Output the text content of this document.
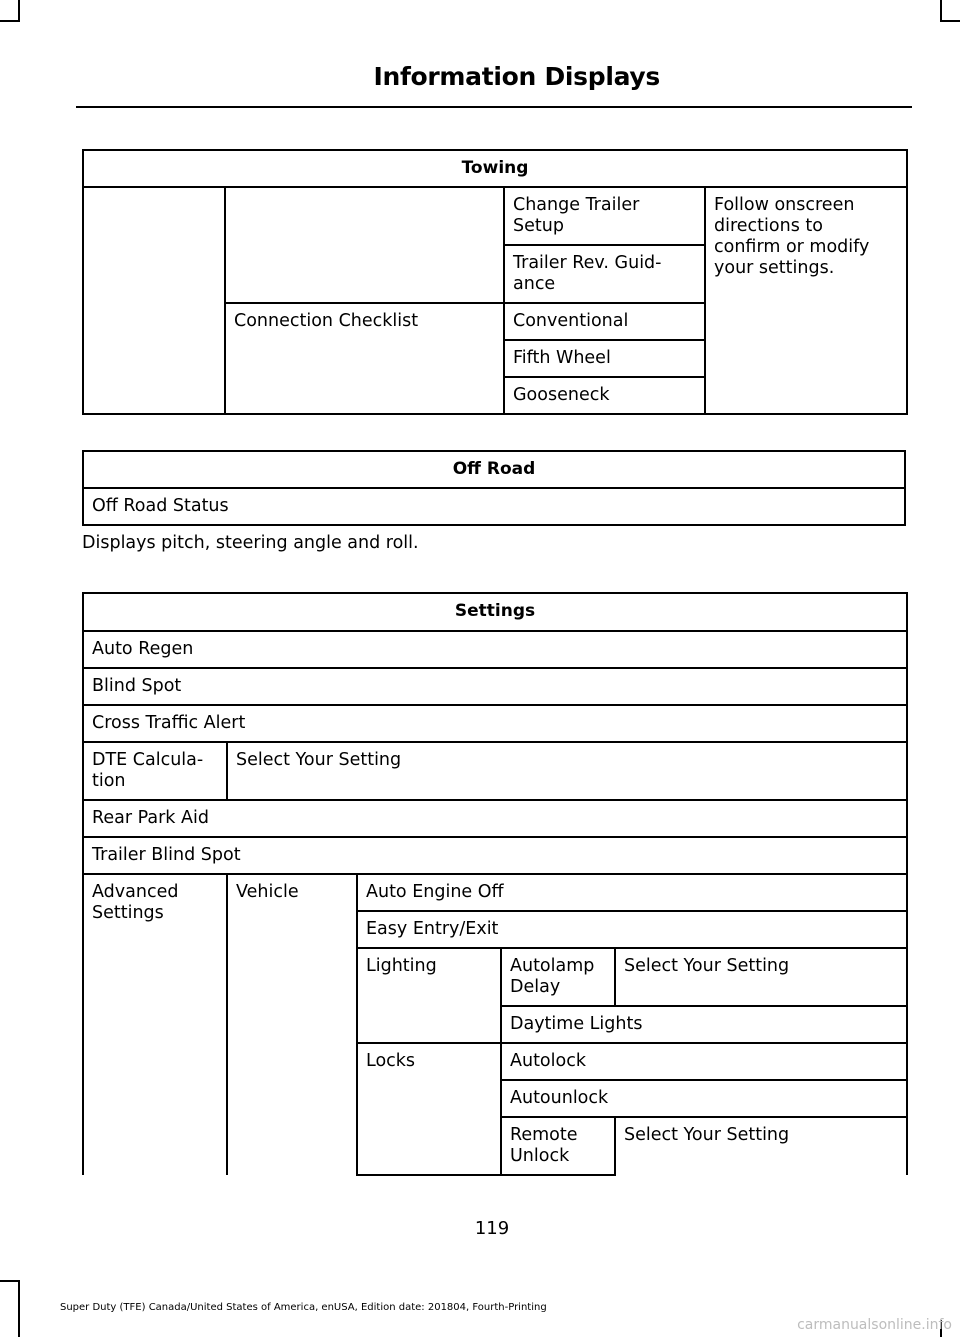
Information Displays
Towing			
		Change Trailer
Setup	Follow onscreen
directions to
confirm or modify
your settings.
		Trailer Rev. Guid-
ance	
	Connection Checklist	Conventional	
		Fifth Wheel	
		Gooseneck	
Off Road
Off Road Status
Displays pitch, steering angle and roll.
Settings				
Auto Regen				
Blind Spot				
Cross Traffic Alert				
DTE Calcula-
tion	Select Your Setting			
Rear Park Aid				
Trailer Blind Spot				
Advanced
Settings	Vehicle	Auto Engine Off		
		Easy Entry/Exit		
		Lighting	Autolamp
Delay	Select Your Setting
			Daytime Lights	
		Locks	Autolock	
			Autounlock	
			Remote
Unlock	Select Your Setting
119
Super Duty (TFE) Canada/United States of America, enUSA, Edition date: 201804, Fourth-Printing
carmanualsonline.info
